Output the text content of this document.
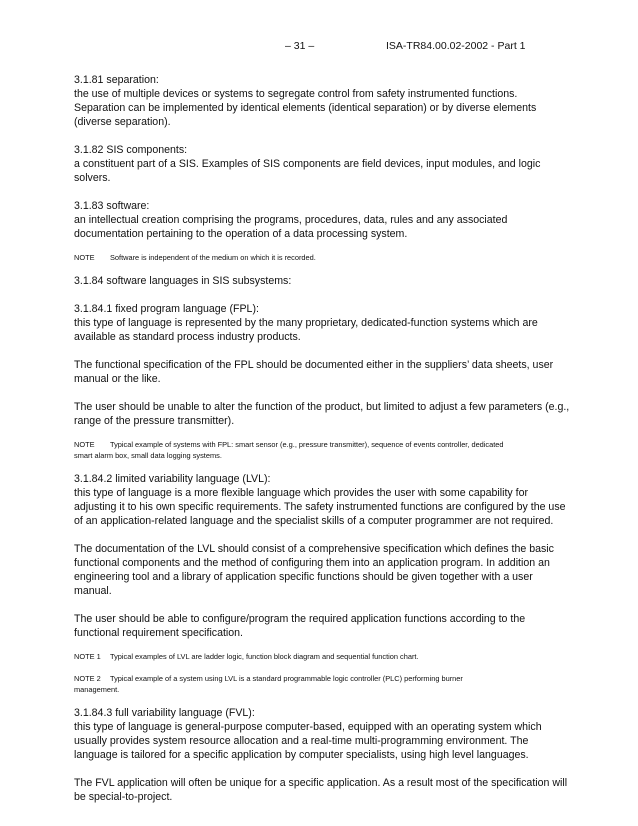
– 31 –	ISA-TR84.00.02-2002 - Part 1
3.1.81 separation:
the use of multiple devices or systems to segregate control from safety instrumented functions.
Separation can be implemented by identical elements (identical separation) or by diverse elements
(diverse separation).
3.1.82 SIS components:
a constituent part of a SIS. Examples of SIS components are field devices, input modules, and logic
solvers.
3.1.83 software:
an intellectual creation comprising the programs, procedures, data, rules and any associated
documentation pertaining to the operation of a data processing system.
NOTE Software is independent of the medium on which it is recorded.
3.1.84 software languages in SIS subsystems:
3.1.84.1 fixed program language (FPL):
this type of language is represented by the many proprietary, dedicated-function systems which are
available as standard process industry products.
The functional specification of the FPL should be documented either in the suppliers’ data sheets, user
manual or the like.
The user should be unable to alter the function of the product, but limited to adjust a few parameters (e.g.,
range of the pressure transmitter).
NOTE Typical example of systems with FPL: smart sensor (e.g., pressure transmitter), sequence of events controller, dedicated
smart alarm box, small data logging systems.
3.1.84.2 limited variability language (LVL):
this type of language is a more flexible language which provides the user with some capability for
adjusting it to his own specific requirements. The safety instrumented functions are configured by the use
of an application-related language and the specialist skills of a computer programmer are not required.
The documentation of the LVL should consist of a comprehensive specification which defines the basic
functional components and the method of configuring them into an application program. In addition an
engineering tool and a library of application specific functions should be given together with a user
manual.
The user should be able to configure/program the required application functions according to the
functional requirement specification.
NOTE 1 Typical examples of LVL are ladder logic, function block diagram and sequential function chart.
NOTE 2 Typical example of a system using LVL is a standard programmable logic controller (PLC) performing burner
management.
3.1.84.3 full variability language (FVL):
this type of language is general-purpose computer-based, equipped with an operating system which
usually provides system resource allocation and a real-time multi-programming environment. The
language is tailored for a specific application by computer specialists, using high level languages.
The FVL application will often be unique for a specific application. As a result most of the specification will
be special-to-project.
